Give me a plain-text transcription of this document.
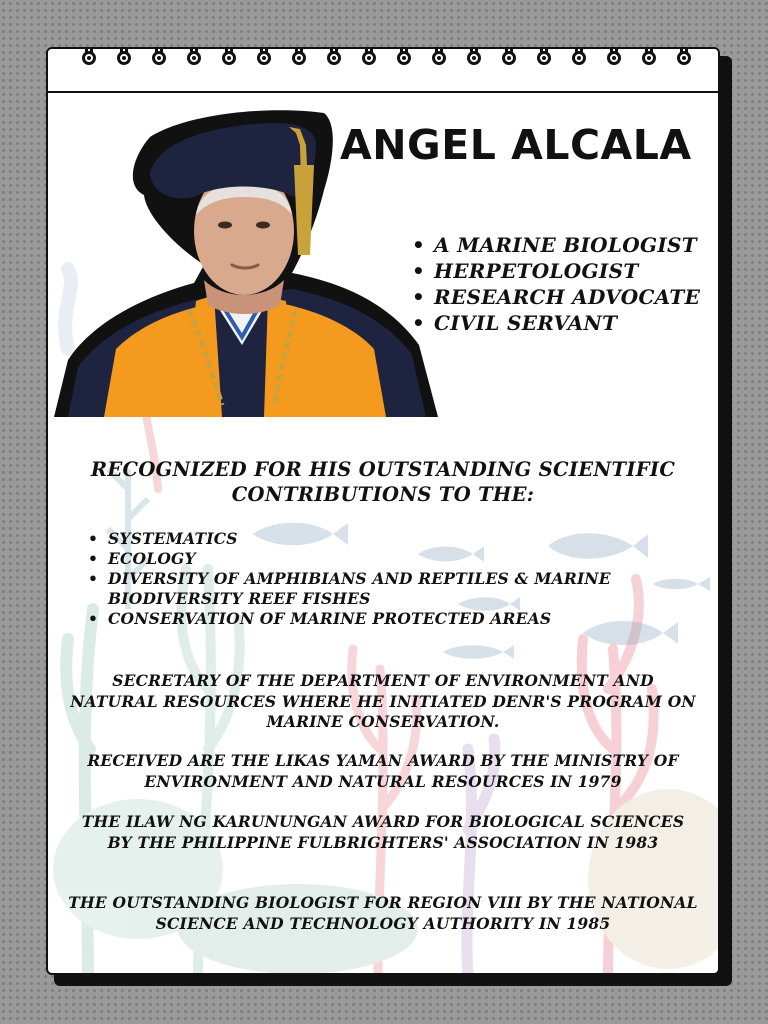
ANGEL ALCALA
• A MARINE BIOLOGIST
• HERPETOLOGIST
• RESEARCH ADVOCATE
• CIVIL SERVANT
RECOGNIZED FOR HIS OUTSTANDING SCIENTIFIC
CONTRIBUTIONS TO THE:
• SYSTEMATICS
• ECOLOGY
• DIVERSITY OF AMPHIBIANS AND REPTILES & MARINE BIODIVERSITY REEF FISHES
• CONSERVATION OF MARINE PROTECTED AREAS
SECRETARY OF THE DEPARTMENT OF ENVIRONMENT AND NATURAL RESOURCES WHERE HE INITIATED DENR'S PROGRAM ON MARINE CONSERVATION.
RECEIVED ARE THE LIKAS YAMAN AWARD BY THE MINISTRY OF ENVIRONMENT AND NATURAL RESOURCES IN 1979
THE ILAW NG KARUNUNGAN AWARD FOR BIOLOGICAL SCIENCES BY THE PHILIPPINE FULBRIGHTERS' ASSOCIATION IN 1983
THE OUTSTANDING BIOLOGIST FOR REGION VIII BY THE NATIONAL SCIENCE AND TECHNOLOGY AUTHORITY IN 1985
